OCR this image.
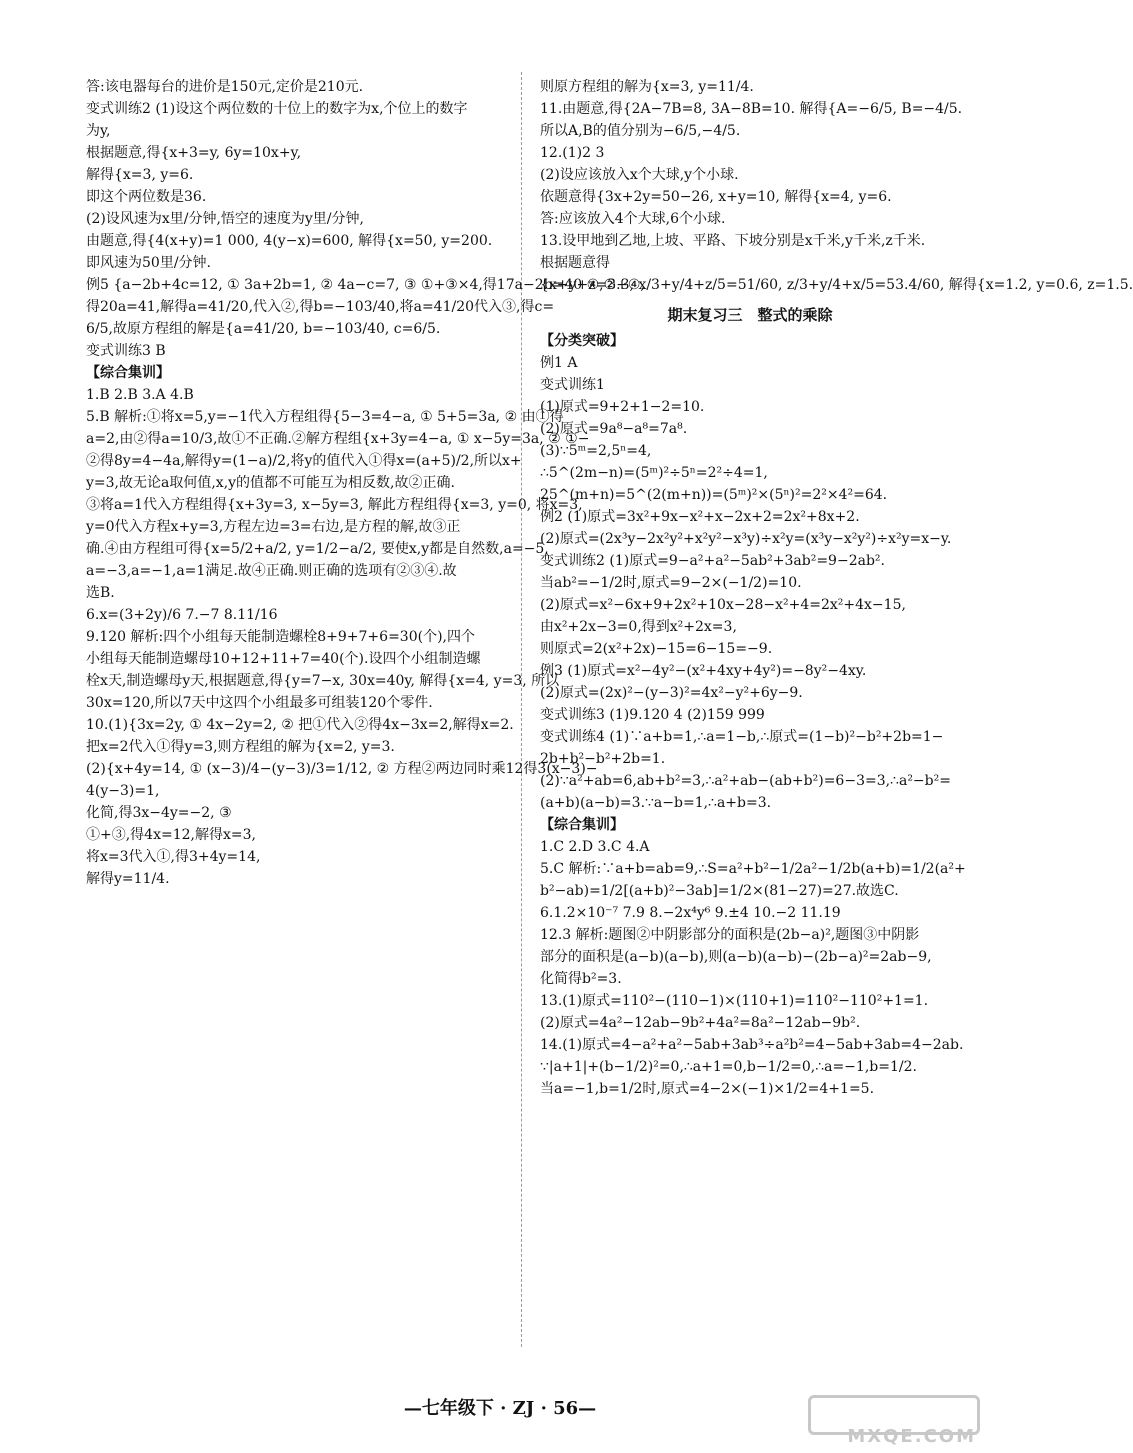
答:该电器每台的进价是150元,定价是210元.
变式训练2 (1)设这个两位数的十位上的数字为x,个位上的数字
为y,
根据题意,得{x+3=y, 6y=10x+y,
解得{x=3, y=6.
即这个两位数是36.
(2)设风速为x里/分钟,悟空的速度为y里/分钟,
由题意,得{4(x+y)=1 000, 4(y−x)=600, 解得{x=50, y=200.
即风速为50里/分钟.
例5 {a−2b+4c=12, ① 3a+2b=1, ② 4a−c=7, ③ ①+③×4,得17a−2b=40 ④,②+④,
得20a=41,解得a=41/20,代入②,得b=−103/40,将a=41/20代入③,得c=
6/5,故原方程组的解是{a=41/20, b=−103/40, c=6/5.
变式训练3 B
【综合集训】
1.B 2.B 3.A 4.B
5.B 解析:①将x=5,y=−1代入方程组得{5−3=4−a, ① 5+5=3a, ② 由①得
a=2,由②得a=10/3,故①不正确.②解方程组{x+3y=4−a, ① x−5y=3a, ② ①−
②得8y=4−4a,解得y=(1−a)/2,将y的值代入①得x=(a+5)/2,所以x+
y=3,故无论a取何值,x,y的值都不可能互为相反数,故②正确.
③将a=1代入方程组得{x+3y=3, x−5y=3, 解此方程组得{x=3, y=0, 将x=3,
y=0代入方程x+y=3,方程左边=3=右边,是方程的解,故③正
确.④由方程组可得{x=5/2+a/2, y=1/2−a/2, 要使x,y都是自然数,a=−5,
a=−3,a=−1,a=1满足.故④正确.则正确的选项有②③④.故
选B.
6.x=(3+2y)/6 7.−7 8.11/16
9.120 解析:四个小组每天能制造螺栓8+9+7+6=30(个),四个
小组每天能制造螺母10+12+11+7=40(个).设四个小组制造螺
栓x天,制造螺母y天,根据题意,得{y=7−x, 30x=40y, 解得{x=4, y=3, 所以
30x=120,所以7天中这四个小组最多可组装120个零件.
10.(1){3x=2y, ① 4x−2y=2, ② 把①代入②得4x−3x=2,解得x=2.
把x=2代入①得y=3,则方程组的解为{x=2, y=3.
(2){x+4y=14, ① (x−3)/4−(y−3)/3=1/12, ② 方程②两边同时乘12得3(x−3)−
4(y−3)=1,
化简,得3x−4y=−2, ③
①+③,得4x=12,解得x=3,
将x=3代入①,得3+4y=14,
解得y=11/4.
则原方程组的解为{x=3, y=11/4.
11.由题意,得{2A−7B=8, 3A−8B=10. 解得{A=−6/5, B=−4/5.
所以A,B的值分别为−6/5,−4/5.
12.(1)2 3
(2)设应该放入x个大球,y个小球.
依题意得{3x+2y=50−26, x+y=10, 解得{x=4, y=6.
答:应该放入4个大球,6个小球.
13.设甲地到乙地,上坡、平路、下坡分别是x千米,y千米,z千米.
根据题意得
{x+y+z=3.3, x/3+y/4+z/5=51/60, z/3+y/4+x/5=53.4/60, 解得{x=1.2, y=0.6, z=1.5.
期末复习三　整式的乘除
【分类突破】
例1 A
变式训练1
(1)原式=9+2+1−2=10.
(2)原式=9a⁸−a⁸=7a⁸.
(3)∵5ᵐ=2,5ⁿ=4,
∴5^(2m−n)=(5ᵐ)²÷5ⁿ=2²÷4=1,
25^(m+n)=5^(2(m+n))=(5ᵐ)²×(5ⁿ)²=2²×4²=64.
例2 (1)原式=3x²+9x−x²+x−2x+2=2x²+8x+2.
(2)原式=(2x³y−2x²y²+x²y²−x³y)÷x²y=(x³y−x²y²)÷x²y=x−y.
变式训练2 (1)原式=9−a²+a²−5ab²+3ab²=9−2ab².
当ab²=−1/2时,原式=9−2×(−1/2)=10.
(2)原式=x²−6x+9+2x²+10x−28−x²+4=2x²+4x−15,
由x²+2x−3=0,得到x²+2x=3,
则原式=2(x²+2x)−15=6−15=−9.
例3 (1)原式=x²−4y²−(x²+4xy+4y²)=−8y²−4xy.
(2)原式=(2x)²−(y−3)²=4x²−y²+6y−9.
变式训练3 (1)9.120 4 (2)159 999
变式训练4 (1)∵a+b=1,∴a=1−b,∴原式=(1−b)²−b²+2b=1−
2b+b²−b²+2b=1.
(2)∵a²+ab=6,ab+b²=3,∴a²+ab−(ab+b²)=6−3=3,∴a²−b²=
(a+b)(a−b)=3.∵a−b=1,∴a+b=3.
【综合集训】
1.C 2.D 3.C 4.A
5.C 解析:∵a+b=ab=9,∴S=a²+b²−1/2a²−1/2b(a+b)=1/2(a²+
b²−ab)=1/2[(a+b)²−3ab]=1/2×(81−27)=27.故选C.
6.1.2×10⁻⁷ 7.9 8.−2x⁴y⁶ 9.±4 10.−2 11.19
12.3 解析:题图②中阴影部分的面积是(2b−a)²,题图③中阴影
部分的面积是(a−b)(a−b),则(a−b)(a−b)−(2b−a)²=2ab−9,
化简得b²=3.
13.(1)原式=110²−(110−1)×(110+1)=110²−110²+1=1.
(2)原式=4a²−12ab−9b²+4a²=8a²−12ab−9b².
14.(1)原式=4−a²+a²−5ab+3ab³÷a²b²=4−5ab+3ab=4−2ab.
∵|a+1|+(b−1/2)²=0,∴a+1=0,b−1/2=0,∴a=−1,b=1/2.
当a=−1,b=1/2时,原式=4−2×(−1)×1/2=4+1=5.
—七年级下 · ZJ · 56—
MXQE.COM
